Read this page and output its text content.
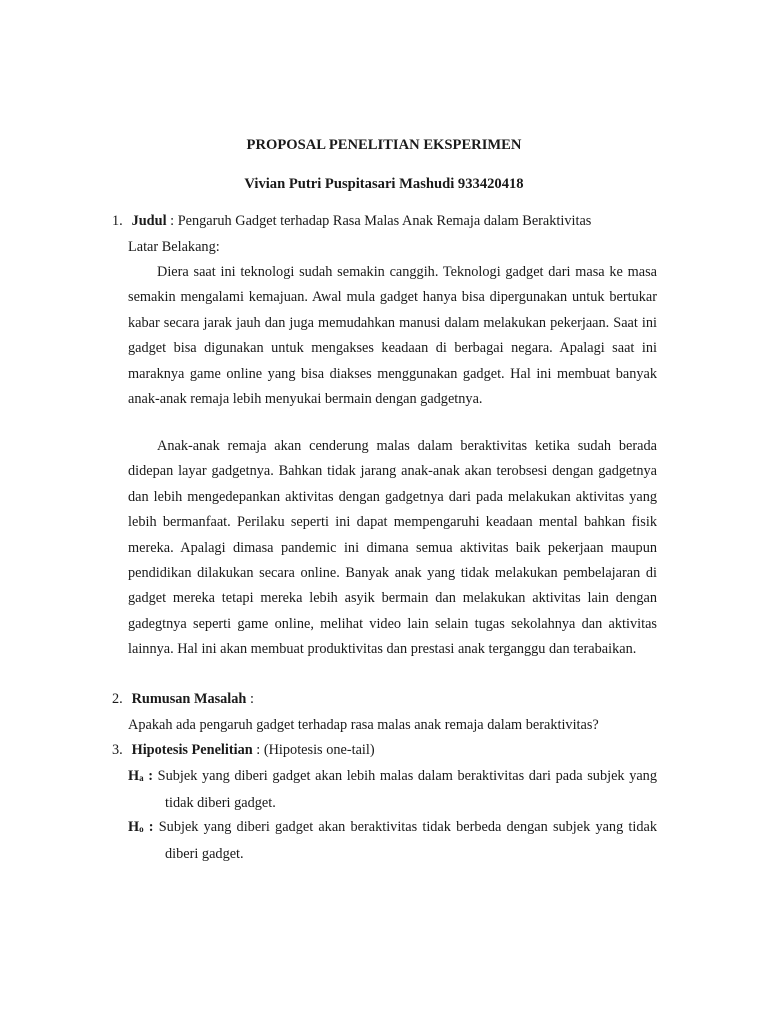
PROPOSAL PENELITIAN EKSPERIMEN

Vivian Putri Puspitasari Mashudi 933420418

1. Judul : Pengaruh Gadget terhadap Rasa Malas Anak Remaja dalam Beraktivitas

Latar Belakang:

Diera saat ini teknologi sudah semakin canggih. Teknologi gadget dari masa ke masa semakin mengalami kemajuan. Awal mula gadget hanya bisa dipergunakan untuk bertukar kabar secara jarak jauh dan juga memudahkan manusi dalam melakukan pekerjaan. Saat ini gadget bisa digunakan untuk mengakses keadaan di berbagai negara. Apalagi saat ini maraknya game online yang bisa diakses menggunakan gadget. Hal ini membuat banyak anak-anak remaja lebih menyukai bermain dengan gadgetnya.

Anak-anak remaja akan cenderung malas dalam beraktivitas ketika sudah berada didepan layar gadgetnya. Bahkan tidak jarang anak-anak akan terobsesi dengan gadgetnya dan lebih mengedepankan aktivitas dengan gadgetnya dari pada melakukan aktivitas yang lebih bermanfaat. Perilaku seperti ini dapat mempengaruhi keadaan mental bahkan fisik mereka. Apalagi dimasa pandemic ini dimana semua aktivitas baik pekerjaan maupun pendidikan dilakukan secara online. Banyak anak yang tidak melakukan pembelajaran di gadget mereka tetapi mereka lebih asyik bermain dan melakukan aktivitas lain dengan gadegtnya seperti game online, melihat video lain selain tugas sekolahnya dan aktivitas lainnya. Hal ini akan membuat produktivitas dan prestasi anak terganggu dan terabaikan.

2. Rumusan Masalah :

Apakah ada pengaruh gadget terhadap rasa malas anak remaja dalam beraktivitas?

3. Hipotesis Penelitian : (Hipotesis one-tail)

Ha : Subjek yang diberi gadget akan lebih malas dalam beraktivitas dari pada subjek yang tidak diberi gadget.

Ho : Subjek yang diberi gadget akan beraktivitas tidak berbeda dengan subjek yang tidak diberi gadget.
